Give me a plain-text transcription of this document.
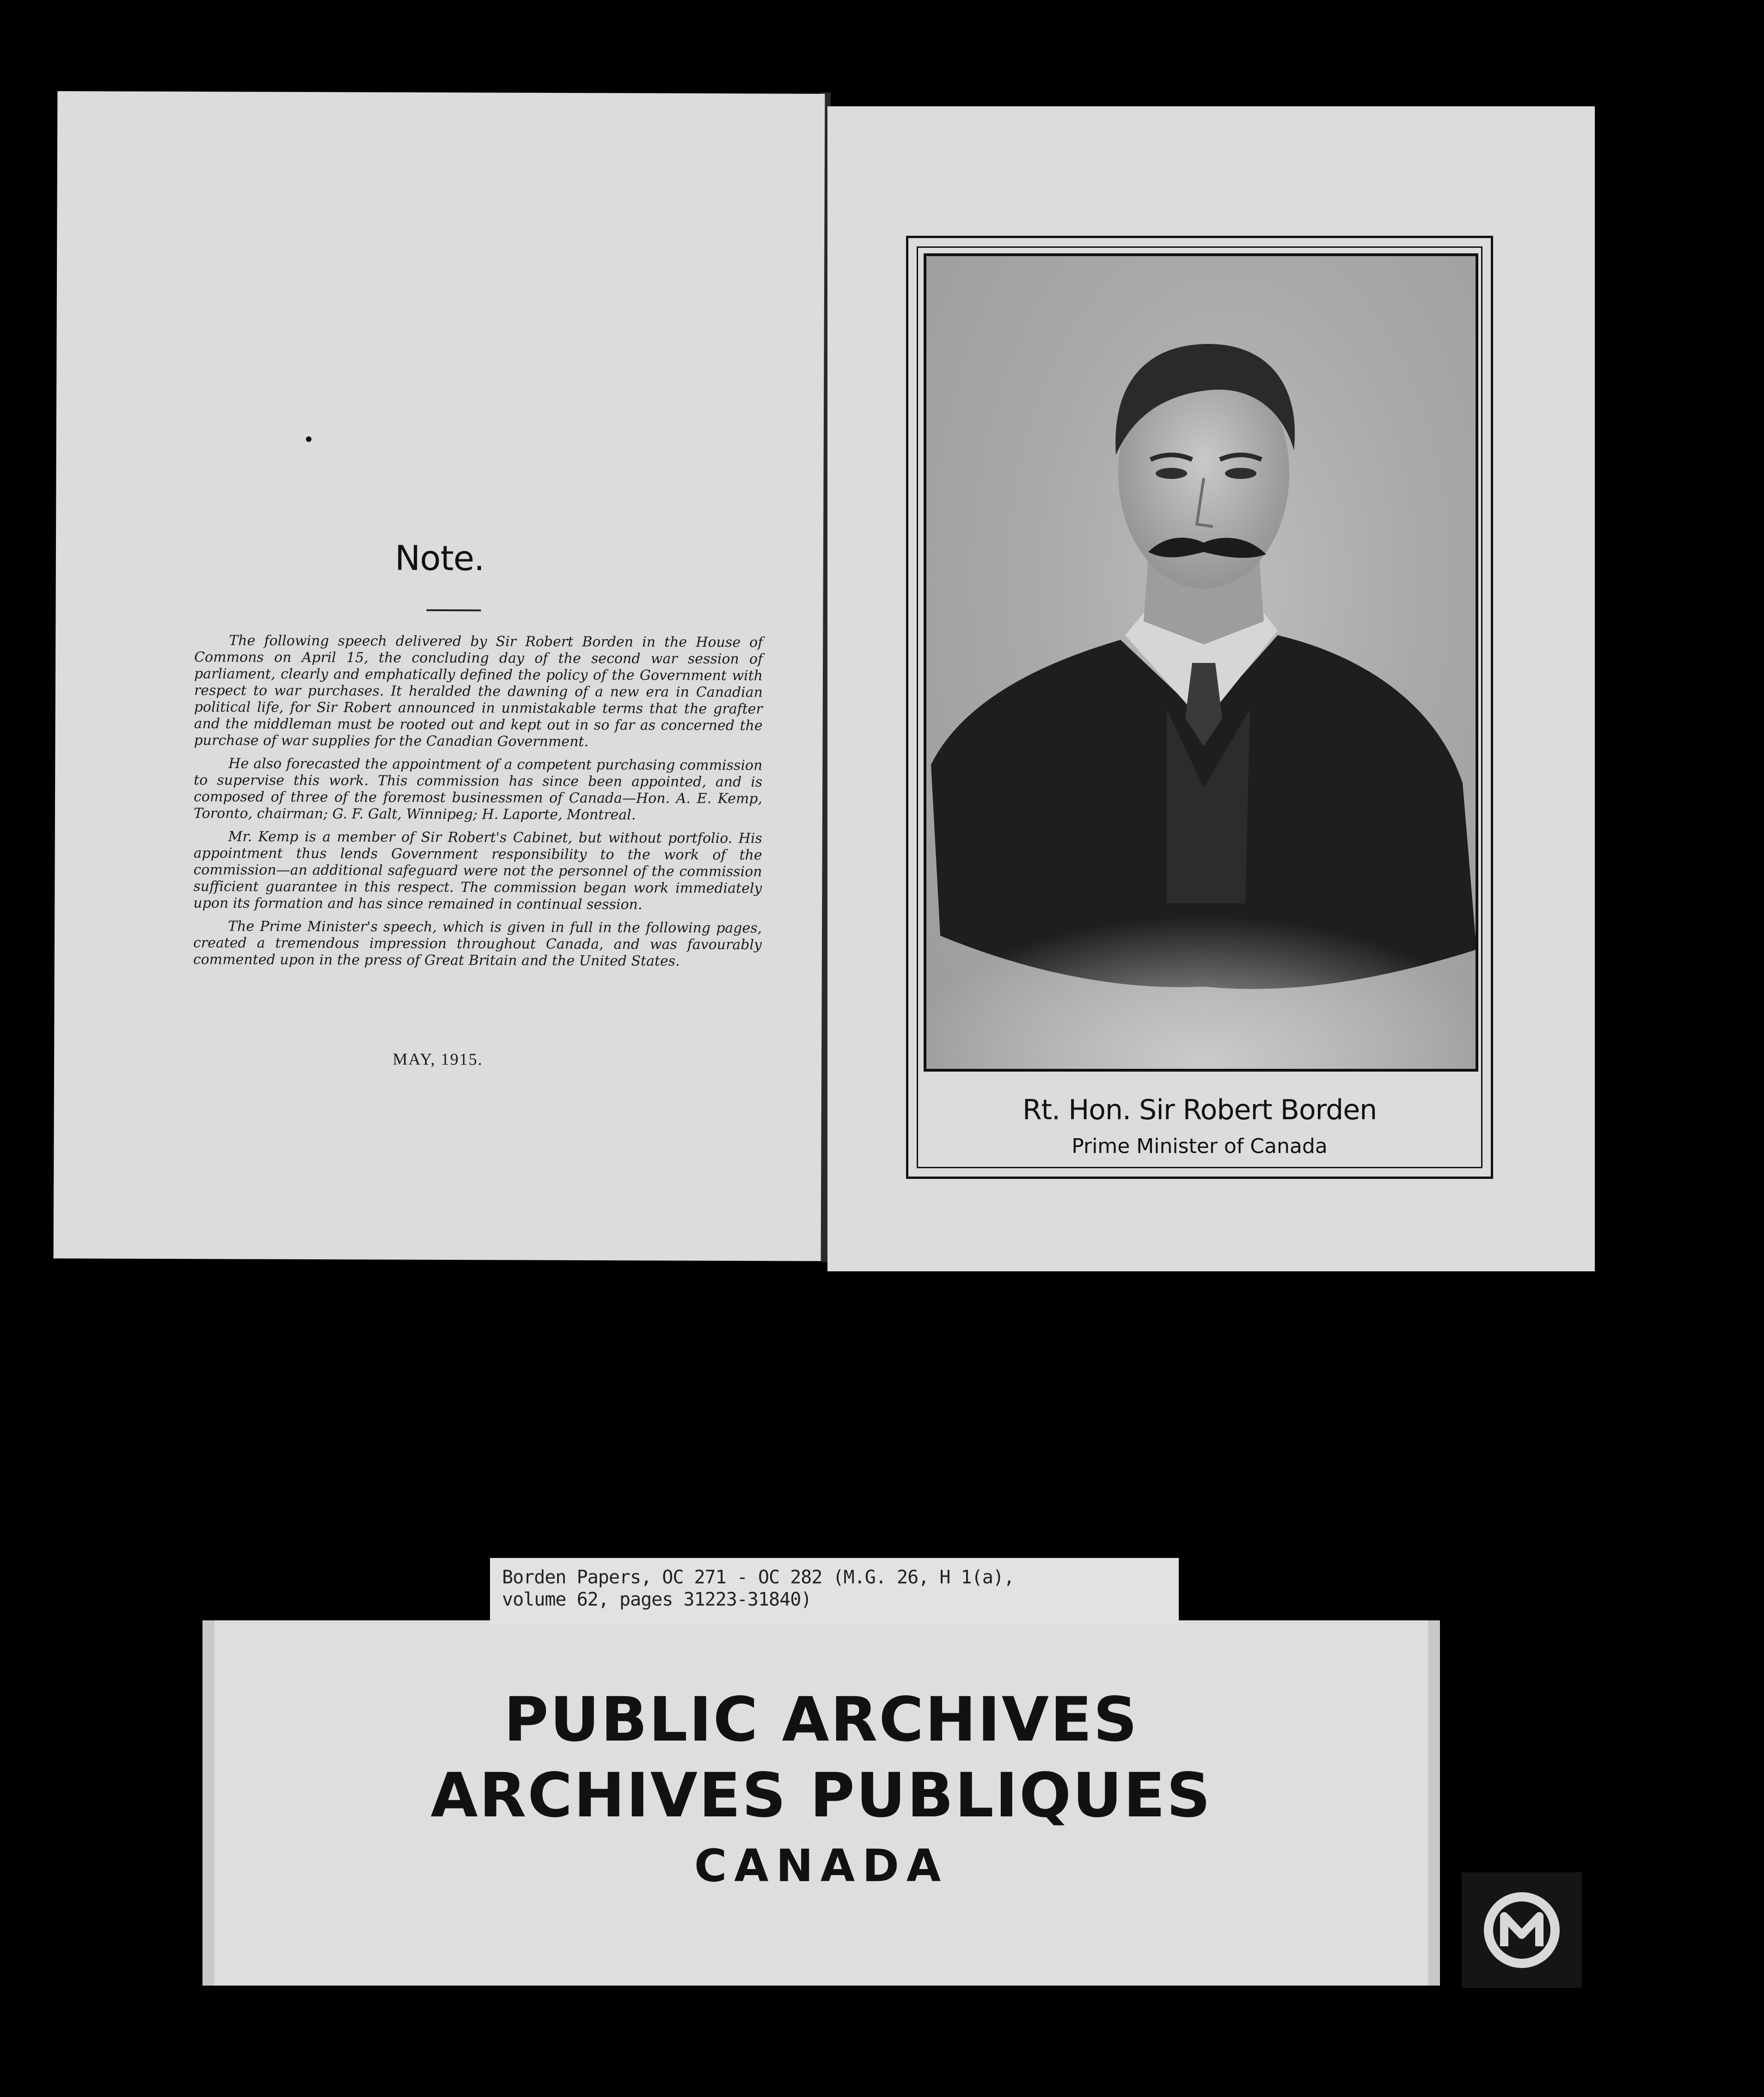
Note.

The following speech delivered by Sir Robert Borden in the House of Commons on April 15, the concluding day of the second war session of parliament, clearly and emphatically defined the policy of the Government with respect to war purchases. It heralded the dawning of a new era in Canadian political life, for Sir Robert announced in unmistakable terms that the grafter and the middleman must be rooted out and kept out in so far as concerned the purchase of war supplies for the Canadian Government.

He also forecasted the appointment of a competent purchasing commission to supervise this work. This commission has since been appointed, and is composed of three of the foremost businessmen of Canada—Hon. A. E. Kemp, Toronto, chairman; G. F. Galt, Winnipeg; H. Laporte, Montreal.

Mr. Kemp is a member of Sir Robert's Cabinet, but without portfolio. His appointment thus lends Government responsibility to the work of the commission—an additional safeguard were not the personnel of the commission sufficient guarantee in this respect. The commission began work immediately upon its formation and has since remained in continual session.

The Prime Minister's speech, which is given in full in the following pages, created a tremendous impression throughout Canada, and was favourably commented upon in the press of Great Britain and the United States.

MAY, 1915.
Rt. Hon. Sir Robert Borden
Prime Minister of Canada
PUBLIC ARCHIVES
ARCHIVES PUBLIQUES
CANADA
Borden Papers, OC 271 - OC 282 (M.G. 26, H 1(a),
volume 62, pages 31223-31840)
